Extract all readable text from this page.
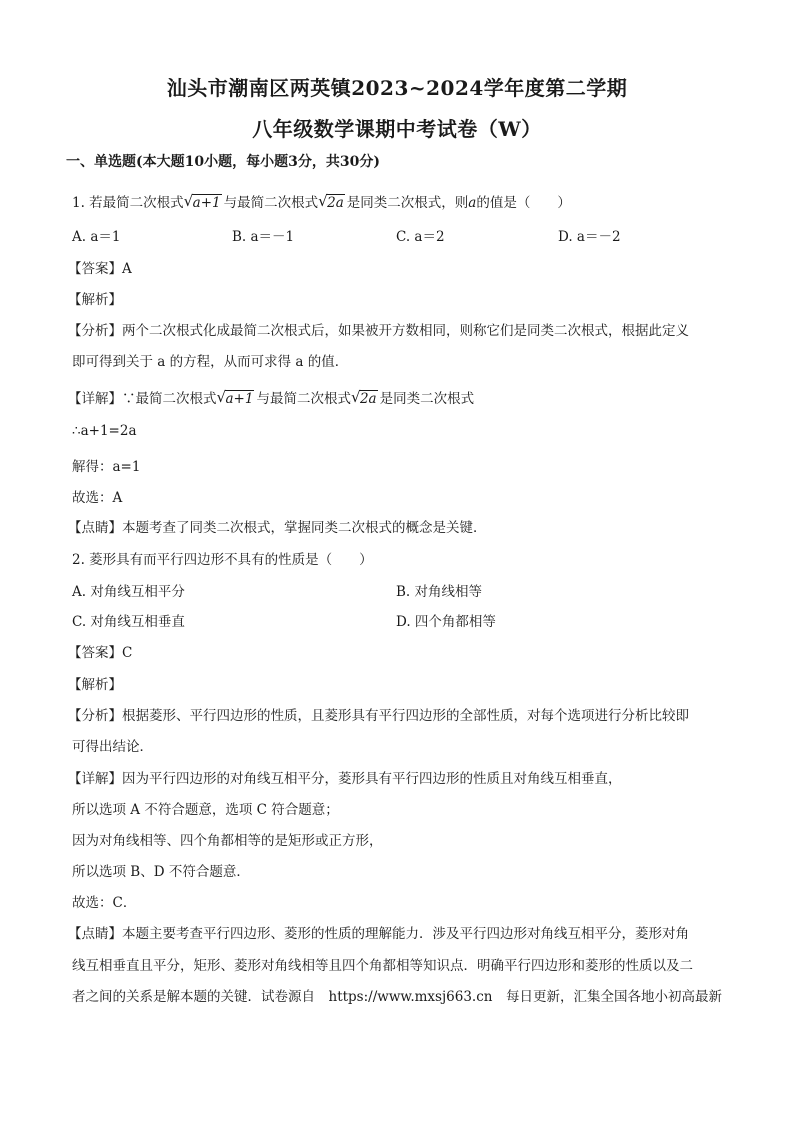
汕头市潮南区两英镇2023~2024学年度第二学期
八年级数学课期中考试卷（W）
一、单选题(本大题10小题，每小题3分，共30分)
1. 若最简二次根式 √ a+1 与最简二次根式 √ 2a 是同类二次根式，则a的值是（　　）
A. a＝1	B. a＝－1	C. a＝2	D. a＝－2
【答案】A
【解析】
【分析】两个二次根式化成最简二次根式后，如果被开方数相同，则称它们是同类二次根式，根据此定义
即可得到关于 a 的方程，从而可求得 a 的值．
【详解】∵最简二次根式 √ a+1 与最简二次根式 √ 2a 是同类二次根式
∴a+1=2a
解得：a=1
故选：A
【点睛】本题考查了同类二次根式，掌握同类二次根式的概念是关键．
2. 菱形具有而平行四边形不具有的性质是（　　）
A. 对角线互相平分	B. 对角线相等
C. 对角线互相垂直	D. 四个角都相等
【答案】C
【解析】
【分析】根据菱形、平行四边形的性质，且菱形具有平行四边形的全部性质，对每个选项进行分析比较即
可得出结论．
【详解】因为平行四边形的对角线互相平分，菱形具有平行四边形的性质且对角线互相垂直，
所以选项 A 不符合题意，选项 C 符合题意；
因为对角线相等、四个角都相等的是矩形或正方形，
所以选项 B、D 不符合题意．
故选：C．
【点睛】本题主要考查平行四边形、菱形的性质的理解能力．涉及平行四边形对角线互相平分，菱形对角
线互相垂直且平分，矩形、菱形对角线相等且四个角都相等知识点．明确平行四边形和菱形的性质以及二
者之间的关系是解本题的关键．试卷源自　https://www.mxsj663.cn　每日更新，汇集全国各地小初高最新
